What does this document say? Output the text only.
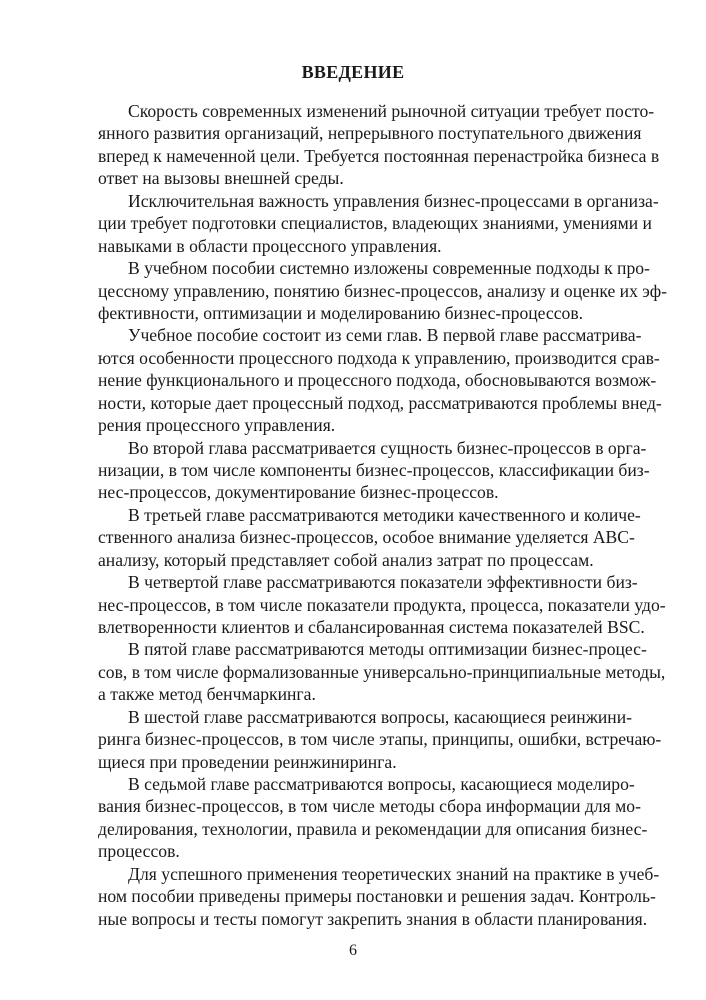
ВВЕДЕНИЕ
Скорость современных изменений рыночной ситуации требует посто-
янного развития организаций, непрерывного поступательного движения
вперед к намеченной цели. Требуется постоянная перенастройка бизнеса в
ответ на вызовы внешней среды.
Исключительная важность управления бизнес-процессами в организа-
ции требует подготовки специалистов, владеющих знаниями, умениями и
навыками в области процессного управления.
В учебном пособии системно изложены современные подходы к про-
цессному управлению, понятию бизнес-процессов, анализу и оценке их эф-
фективности, оптимизации и моделированию бизнес-процессов.
Учебное пособие состоит из семи глав. В первой главе рассматрива-
ются особенности процессного подхода к управлению, производится срав-
нение функционального и процессного подхода, обосновываются возмож-
ности, которые дает процессный подход, рассматриваются проблемы внед-
рения процессного управления.
Во второй глава рассматривается сущность бизнес-процессов в орга-
низации, в том числе компоненты бизнес-процессов, классификации биз-
нес-процессов, документирование бизнес-процессов.
В третьей главе рассматриваются методики качественного и количе-
ственного анализа бизнес-процессов, особое внимание уделяется ABC-
анализу, который представляет собой анализ затрат по процессам.
В четвертой главе рассматриваются показатели эффективности биз-
нес-процессов, в том числе показатели продукта, процесса, показатели удо-
влетворенности клиентов и сбалансированная система показателей BSC.
В пятой главе рассматриваются методы оптимизации бизнес-процес-
сов, в том числе формализованные универсально-принципиальные методы,
а также метод бенчмаркинга.
В шестой главе рассматриваются вопросы, касающиеся реинжини-
ринга бизнес-процессов, в том числе этапы, принципы, ошибки, встречаю-
щиеся при проведении реинжиниринга.
В седьмой главе рассматриваются вопросы, касающиеся моделиро-
вания бизнес-процессов, в том числе методы сбора информации для мо-
делирования, технологии, правила и рекомендации для описания бизнес-
процессов.
6
Для успешного применения теоретических знаний на практике в учеб-
ном пособии приведены примеры постановки и решения задач. Контроль-
ные вопросы и тесты помогут закрепить знания в области планирования.
